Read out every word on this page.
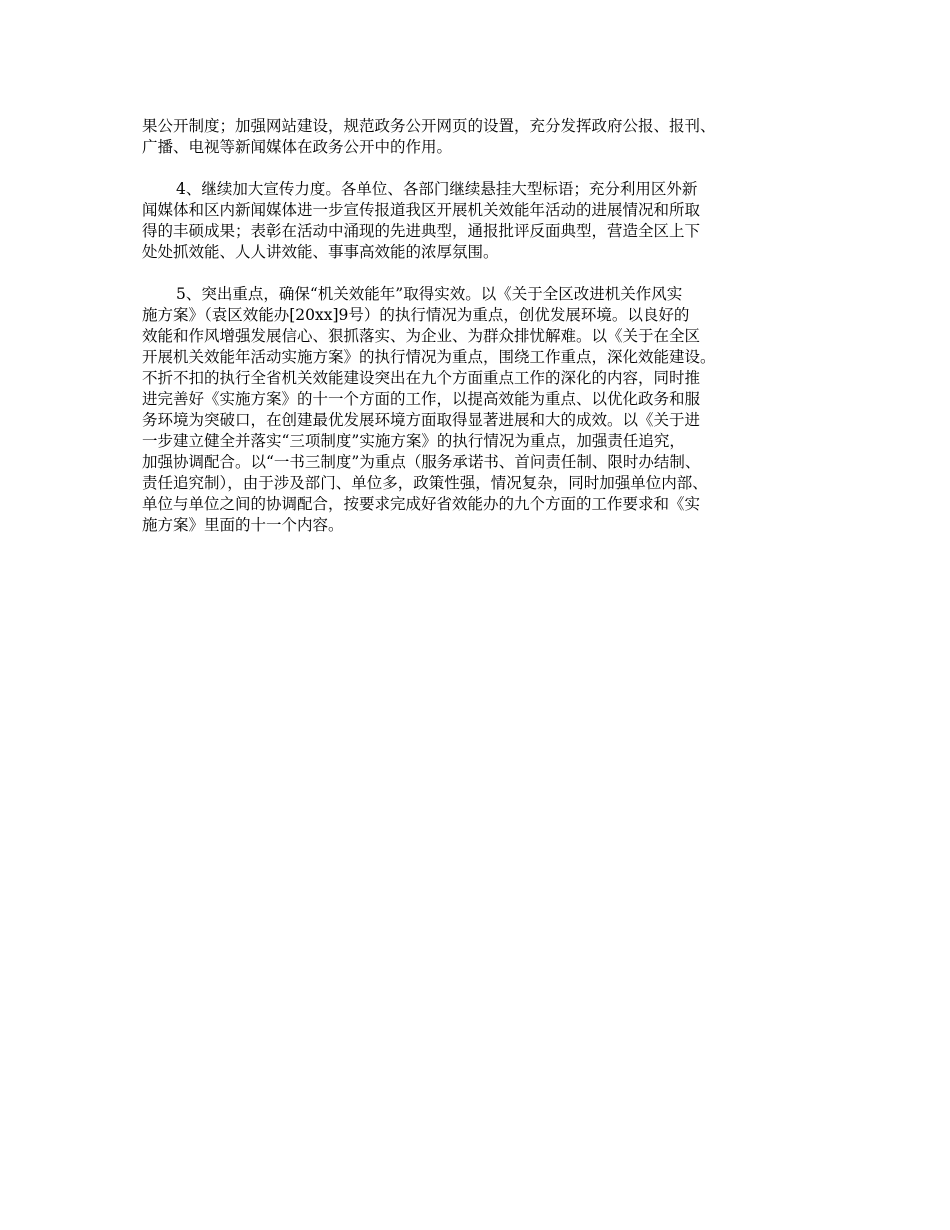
果公开制度；加强网站建设，规范政务公开网页的设置，充分发挥政府公报、报刊、
广播、电视等新闻媒体在政务公开中的作用。
4、继续加大宣传力度。各单位、各部门继续悬挂大型标语；充分利用区外新
闻媒体和区内新闻媒体进一步宣传报道我区开展机关效能年活动的进展情况和所取
得的丰硕成果；表彰在活动中涌现的先进典型，通报批评反面典型，营造全区上下
处处抓效能、人人讲效能、事事高效能的浓厚氛围。
5、突出重点，确保“机关效能年”取得实效。以《关于全区改进机关作风实
施方案》（袁区效能办[20xx]9号）的执行情况为重点，创优发展环境。以良好的
效能和作风增强发展信心、狠抓落实、为企业、为群众排忧解难。以《关于在全区
开展机关效能年活动实施方案》的执行情况为重点，围绕工作重点，深化效能建设。
不折不扣的执行全省机关效能建设突出在九个方面重点工作的深化的内容，同时推
进完善好《实施方案》的十一个方面的工作，以提高效能为重点、以优化政务和服
务环境为突破口，在创建最优发展环境方面取得显著进展和大的成效。以《关于进
一步建立健全并落实“三项制度”实施方案》的执行情况为重点，加强责任追究，
加强协调配合。以“一书三制度”为重点（服务承诺书、首问责任制、限时办结制、
责任追究制），由于涉及部门、单位多，政策性强，情况复杂，同时加强单位内部、
单位与单位之间的协调配合，按要求完成好省效能办的九个方面的工作要求和《实
施方案》里面的十一个内容。
